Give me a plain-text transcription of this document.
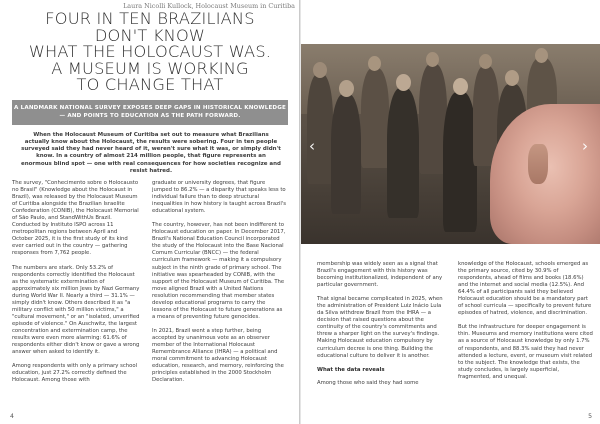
Laura Nicolli Kullock, Holocaust Museum in Curitiba
FOUR IN TEN BRAZILIANS
DON'T KNOW
WHAT THE HOLOCAUST WAS.
A MUSEUM IS WORKING
TO CHANGE THAT
A LANDMARK NATIONAL SURVEY EXPOSES DEEP GAPS IN HISTORICAL KNOWLEDGE — AND POINTS TO EDUCATION AS THE PATH FORWARD.

When the Holocaust Museum of Curitiba set out to measure what Brazilians actually know about the Holocaust, the results were sobering. Four in ten people surveyed said they had never heard of it, weren't sure what it was, or simply didn't know. In a country of almost 214 million people, that figure represents an enormous blind spot — one with real consequences for how societies recognize and resist hatred.

The survey, "Conhecimento sobre o Holocausto no Brasil" (Knowledge about the Holocaust in Brazil), was released by the Holocaust Museum of Curitiba alongside the Brazilian Israelite Confederation (CONIB), the Holocaust Memorial of São Paulo, and StandWithUs Brazil. Conducted by Instituto ISPO across 11 metropolitan regions between April and October 2025, it is the first study of its kind ever carried out in the country — gathering responses from 7,762 people.

The numbers are stark. Only 53.2% of respondents correctly identified the Holocaust as the systematic extermination of approximately six million Jews by Nazi Germany during World War II. Nearly a third — 31.1% — simply didn't know. Others described it as "a military conflict with 50 million victims," a "cultural movement," or an "isolated, unverified episode of violence." On Auschwitz, the largest concentration and extermination camp, the results were even more alarming: 61.6% of respondents either didn't know or gave a wrong answer when asked to identify it.

Among respondents with only a primary school education, just 27.2% correctly defined the Holocaust. Among those with

graduate or university degrees, that figure jumped to 86.2% — a disparity that speaks less to individual failure than to deep structural inequalities in how history is taught across Brazil's educational system.

The country, however, has not been indifferent to Holocaust education on paper. In December 2017, Brazil's National Education Council incorporated the study of the Holocaust into the Base Nacional Comum Curricular (BNCC) — the federal curriculum framework — making it a compulsory subject in the ninth grade of primary school. The initiative was spearheaded by CONIB, with the support of the Holocaust Museum of Curitiba. The move aligned Brazil with a United Nations resolution recommending that member states develop educational programs to carry the lessons of the Holocaust to future generations as a means of preventing future genocides.

In 2021, Brazil went a step further, being accepted by unanimous vote as an observer member of the International Holocaust Remembrance Alliance (IHRA) — a political and moral commitment to advancing Holocaust education, research, and memory, reinforcing the principles established in the 2000 Stockholm Declaration.

4
‹	›

membership was widely seen as a signal that Brazil's engagement with this history was becoming institutionalized, independent of any particular government.

That signal became complicated in 2025, when the administration of President Luiz Inácio Lula da Silva withdrew Brazil from the IHRA — a decision that raised questions about the continuity of the country's commitments and threw a sharper light on the survey's findings. Making Holocaust education compulsory by curriculum decree is one thing. Building the educational culture to deliver it is another.

What the data reveals

Among those who said they had some

knowledge of the Holocaust, schools emerged as the primary source, cited by 30.9% of respondents, ahead of films and books (18.6%) and the internet and social media (12.5%). And 64.4% of all participants said they believed Holocaust education should be a mandatory part of school curricula — specifically to prevent future episodes of hatred, violence, and discrimination.

But the infrastructure for deeper engagement is thin. Museums and memory institutions were cited as a source of Holocaust knowledge by only 1.7% of respondents, and 88.3% said they had never attended a lecture, event, or museum visit related to the subject. The knowledge that exists, the study concludes, is largely superficial, fragmented, and unequal.

5
